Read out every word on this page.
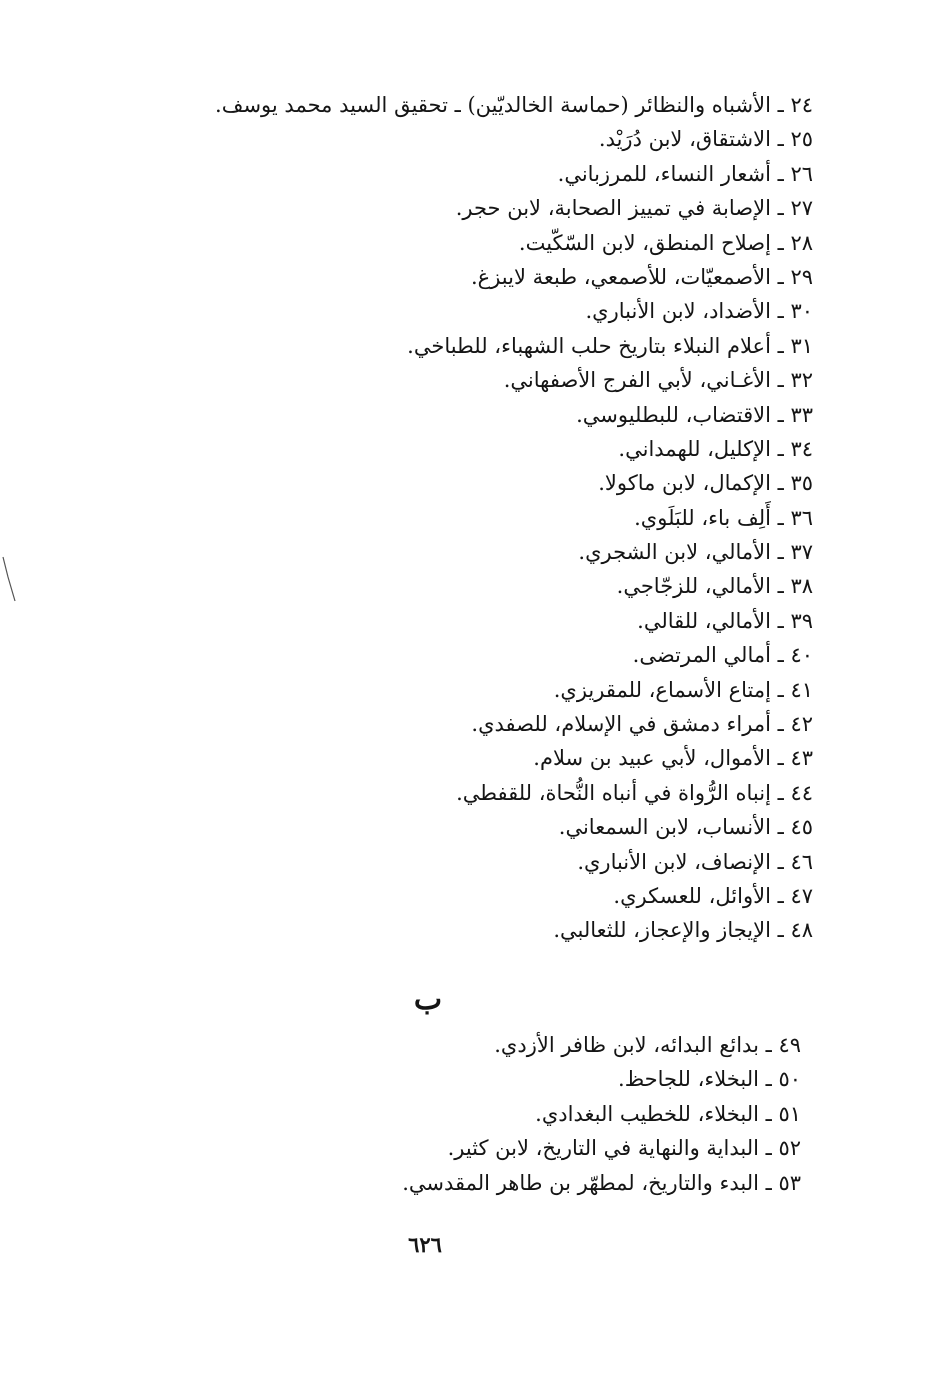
٢٤ ـ الأشباه والنظائر (حماسة الخالديّين) ـ تحقيق السيد محمد يوسف.
٢٥ ـ الاشتقاق، لابن دُرَيْد.
٢٦ ـ أشعار النساء، للمرزباني.
٢٧ ـ الإصابة في تمييز الصحابة، لابن حجر.
٢٨ ـ إصلاح المنطق، لابن السّكّيت.
٢٩ ـ الأصمعيّات، للأصمعي، طبعة لايبزغ.
٣٠ ـ الأضداد، لابن الأنباري.
٣١ ـ أعلام النبلاء بتاريخ حلب الشهباء، للطباخي.
٣٢ ـ الأغـاني، لأبي الفرج الأصفهاني.
٣٣ ـ الاقتضاب، للبطليوسي.
٣٤ ـ الإكليل، للهمداني.
٣٥ ـ الإكمال، لابن ماكولا.
٣٦ ـ أَلِف باء، للبَلَوي.
٣٧ ـ الأمالي، لابن الشجري.
٣٨ ـ الأمالي، للزجّاجي.
٣٩ ـ الأمالي، للقالي.
٤٠ ـ أمالي المرتضى.
٤١ ـ إمتاع الأسماع، للمقريزي.
٤٢ ـ أمراء دمشق في الإسلام، للصفدي.
٤٣ ـ الأموال، لأبي عبيد بن سلام.
٤٤ ـ إنباه الرُّواة في أنباه النُّحاة، للقفطي.
٤٥ ـ الأنساب، لابن السمعاني.
٤٦ ـ الإنصاف، لابن الأنباري.
٤٧ ـ الأوائل، للعسكري.
٤٨ ـ الإيجاز والإعجاز، للثعالبي.
ب
٤٩ ـ بدائع البدائه، لابن ظافر الأزدي.
٥٠ ـ البخلاء، للجاحظ.
٥١ ـ البخلاء، للخطيب البغدادي.
٥٢ ـ البداية والنهاية في التاريخ، لابن كثير.
٥٣ ـ البدء والتاريخ، لمطهّر بن طاهر المقدسي.
٦٢٦
